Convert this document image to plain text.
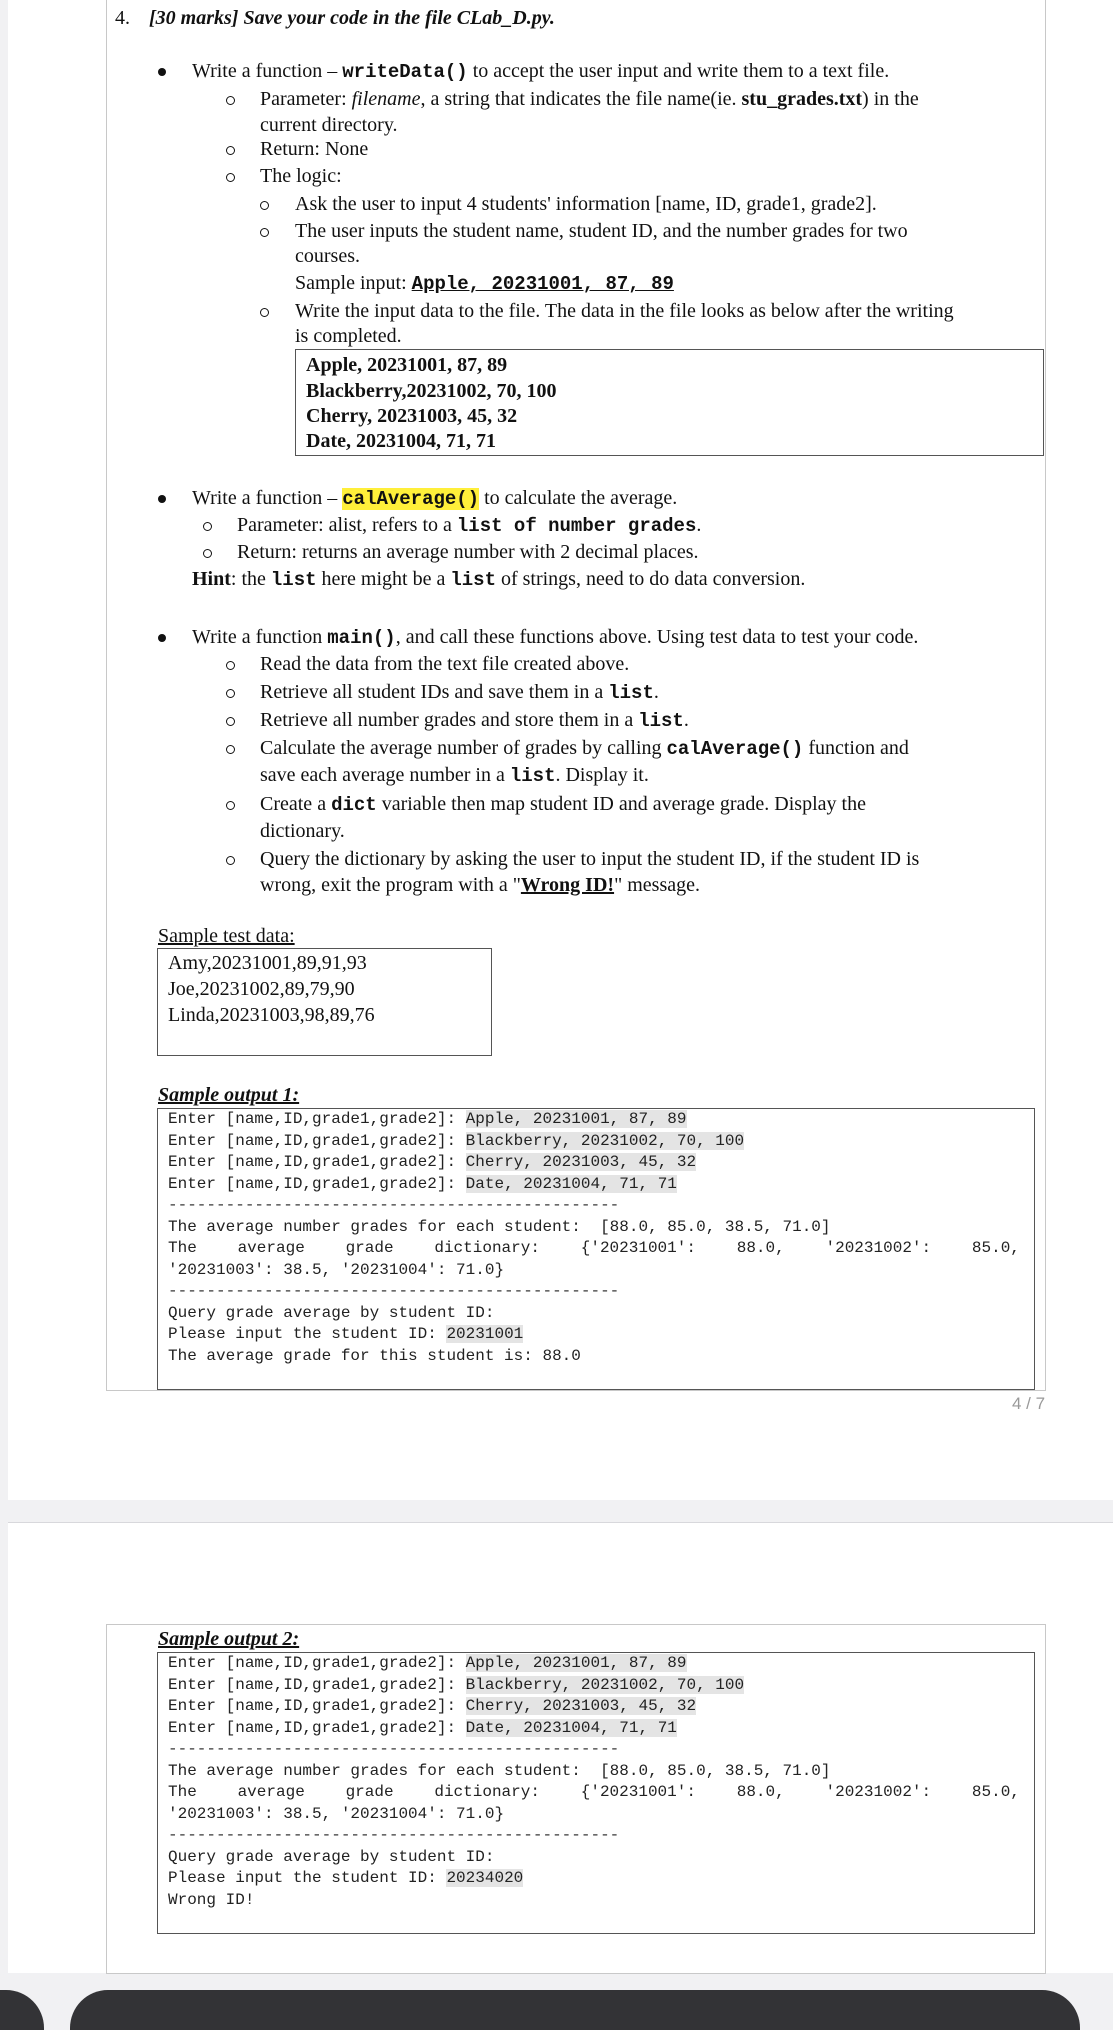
4. [30 marks] Save your code in the file CLab_D.py.
Write a function – writeData() to accept the user input and write them to a text file.
Parameter: filename, a string that indicates the file name(ie. stu_grades.txt) in the
current directory.
Return: None
The logic:
Ask the user to input 4 students' information [name, ID, grade1, grade2].
The user inputs the student name, student ID, and the number grades for two
courses.
Sample input: Apple, 20231001, 87, 89
Write the input data to the file. The data in the file looks as below after the writing
is completed.
Apple, 20231001, 87, 89
Blackberry,20231002, 70, 100
Cherry, 20231003, 45, 32
Date, 20231004, 71, 71
Write a function – calAverage() to calculate the average.
Parameter: alist, refers to a list of number grades.
Return: returns an average number with 2 decimal places.
Hint: the list here might be a list of strings, need to do data conversion.
Write a function main(), and call these functions above. Using test data to test your code.
Read the data from the text file created above.
Retrieve all student IDs and save them in a list.
Retrieve all number grades and store them in a list.
Calculate the average number of grades by calling calAverage() function and
save each average number in a list. Display it.
Create a dict variable then map student ID and average grade. Display the
dictionary.
Query the dictionary by asking the user to input the student ID, if the student ID is
wrong, exit the program with a "Wrong ID!" message.
Sample test data:
Amy,20231001,89,91,93
Joe,20231002,89,79,90
Linda,20231003,98,89,76
Sample output 1:
Enter [name,ID,grade1,grade2]: Apple, 20231001, 87, 89
Enter [name,ID,grade1,grade2]: Blackberry, 20231002, 70, 100
Enter [name,ID,grade1,grade2]: Cherry, 20231003, 45, 32
Enter [name,ID,grade1,grade2]: Date, 20231004, 71, 71
-----------------------------------------------
The average number grades for each student:  [88.0, 85.0, 38.5, 71.0]
The	average	grade	dictionary:	{'20231001':	88.0,	'20231002':	85.0,
'20231003': 38.5, '20231004': 71.0}
-----------------------------------------------
Query grade average by student ID:
Please input the student ID: 20231001
The average grade for this student is: 88.0
4 / 7
Sample output 2:
Enter [name,ID,grade1,grade2]: Apple, 20231001, 87, 89
Enter [name,ID,grade1,grade2]: Blackberry, 20231002, 70, 100
Enter [name,ID,grade1,grade2]: Cherry, 20231003, 45, 32
Enter [name,ID,grade1,grade2]: Date, 20231004, 71, 71
-----------------------------------------------
The average number grades for each student:  [88.0, 85.0, 38.5, 71.0]
The	average	grade	dictionary:	{'20231001':	88.0,	'20231002':	85.0,
'20231003': 38.5, '20231004': 71.0}
-----------------------------------------------
Query grade average by student ID:
Please input the student ID: 20234020
Wrong ID!
